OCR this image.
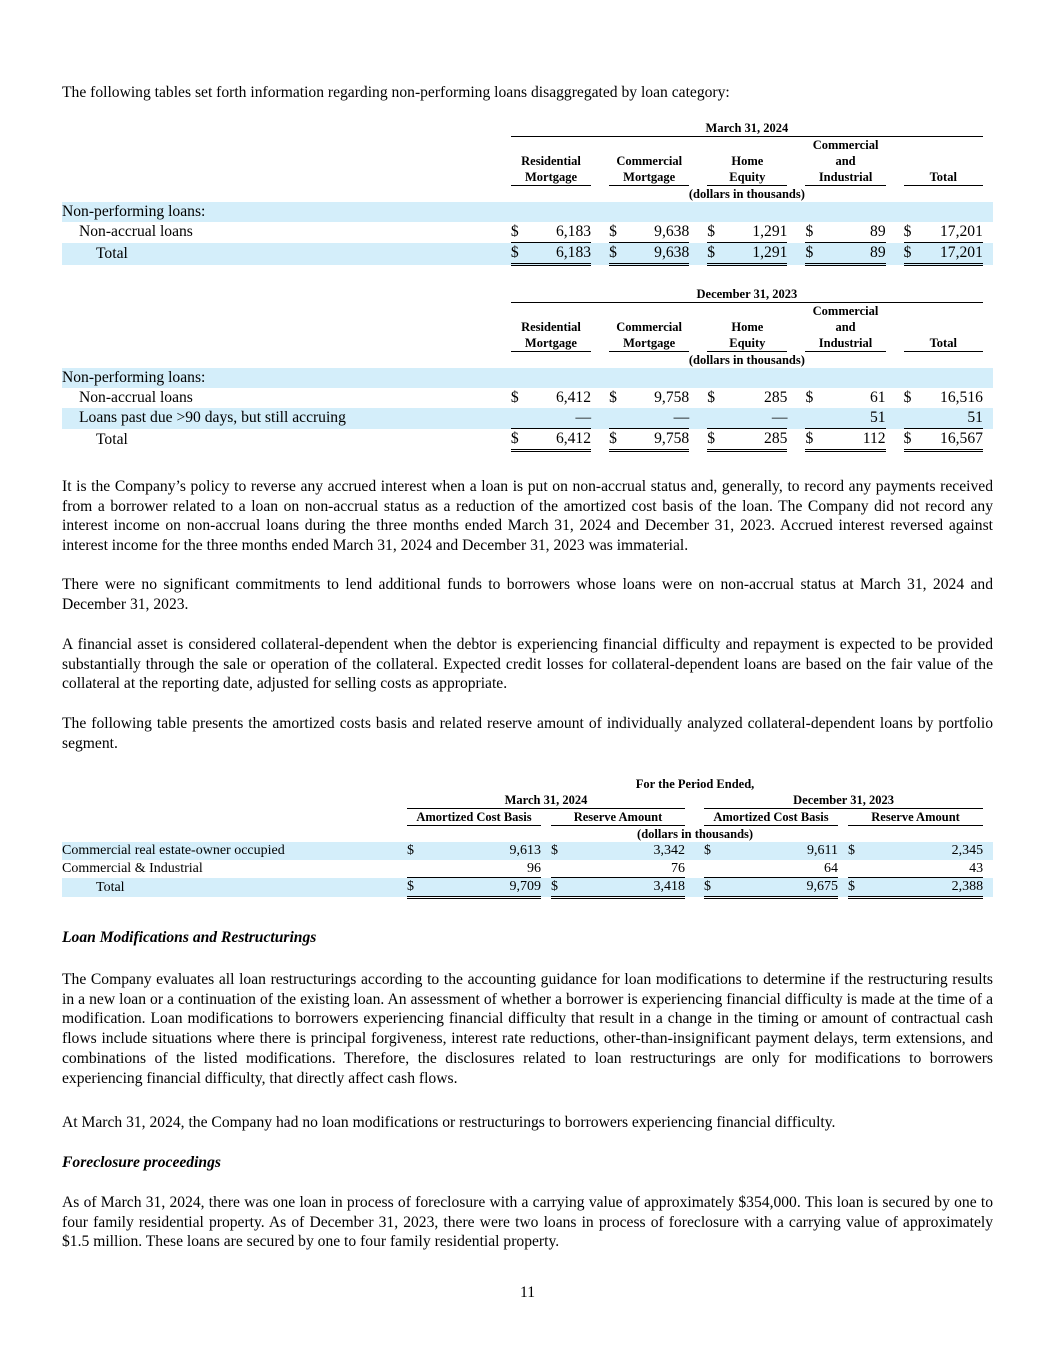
The following tables set forth information regarding non-performing loans disaggregated by loan category:
	March 31, 2024														
										Commercial					
	Residential			Commercial			Home			and					
	Mortgage			Mortgage			Equity			Industrial			Total		
	(dollars in thousands)														
Non-performing loans:															
Non-accrual loans	$	6,183		$	9,638		$	1,291		$	89		$	17,201	
Total	$	6,183		$	9,638		$	1,291		$	89		$	17,201	
	December 31, 2023														
										Commercial					
	Residential			Commercial			Home			and					
	Mortgage			Mortgage			Equity			Industrial			Total		
	(dollars in thousands)														
Non-performing loans:															
Non-accrual loans	$	6,412		$	9,758		$	285		$	61		$	16,516	
Loans past due >90 days, but still accruing		—			—			—			51			51	
Total	$	6,412		$	9,758		$	285		$	112		$	16,567	
It is the Company’s policy to reverse any accrued interest when a loan is put on non-accrual status and, generally, to record any payments received from a borrower related to a loan on non-accrual status as a reduction of the amortized cost basis of the loan. The Company did not record any interest income on non-accrual loans during the three months ended March 31, 2024 and December 31, 2023. Accrued interest reversed against interest income for the three months ended March 31, 2024 and December 31, 2023 was immaterial.
There were no significant commitments to lend additional funds to borrowers whose loans were on non-accrual status at March 31, 2024 and December 31, 2023.
A financial asset is considered collateral-dependent when the debtor is experiencing financial difficulty and repayment is expected to be provided substantially through the sale or operation of the collateral. Expected credit losses for collateral-dependent loans are based on the fair value of the collateral at the reporting date, adjusted for selling costs as appropriate.
The following table presents the amortized costs basis and related reserve amount of individually analyzed collateral-dependent loans by portfolio segment.
	For the Period Ended,											
	March 31, 2024						December 31, 2023					
	Amortized Cost Basis			Reserve Amount			Amortized Cost Basis			Reserve Amount		
	(dollars in thousands)											
Commercial real estate-owner occupied	$	9,613		$	3,342		$	9,611		$	2,345	
Commercial & Industrial		96			76			64			43	
Total	$	9,709		$	3,418		$	9,675		$	2,388	
Loan Modifications and Restructurings
The Company evaluates all loan restructurings according to the accounting guidance for loan modifications to determine if the restructuring results in a new loan or a continuation of the existing loan. An assessment of whether a borrower is experiencing financial difficulty is made at the time of a modification. Loan modifications to borrowers experiencing financial difficulty that result in a change in the timing or amount of contractual cash flows include situations where there is principal forgiveness, interest rate reductions, other-than-insignificant payment delays, term extensions, and combinations of the listed modifications. Therefore, the disclosures related to loan restructurings are only for modifications to borrowers experiencing financial difficulty, that directly affect cash flows.
At March 31, 2024, the Company had no loan modifications or restructurings to borrowers experiencing financial difficulty.
Foreclosure proceedings
As of March 31, 2024, there was one loan in process of foreclosure with a carrying value of approximately $354,000. This loan is secured by one to four family residential property. As of December 31, 2023, there were two loans in process of foreclosure with a carrying value of approximately $1.5 million. These loans are secured by one to four family residential property.
11
